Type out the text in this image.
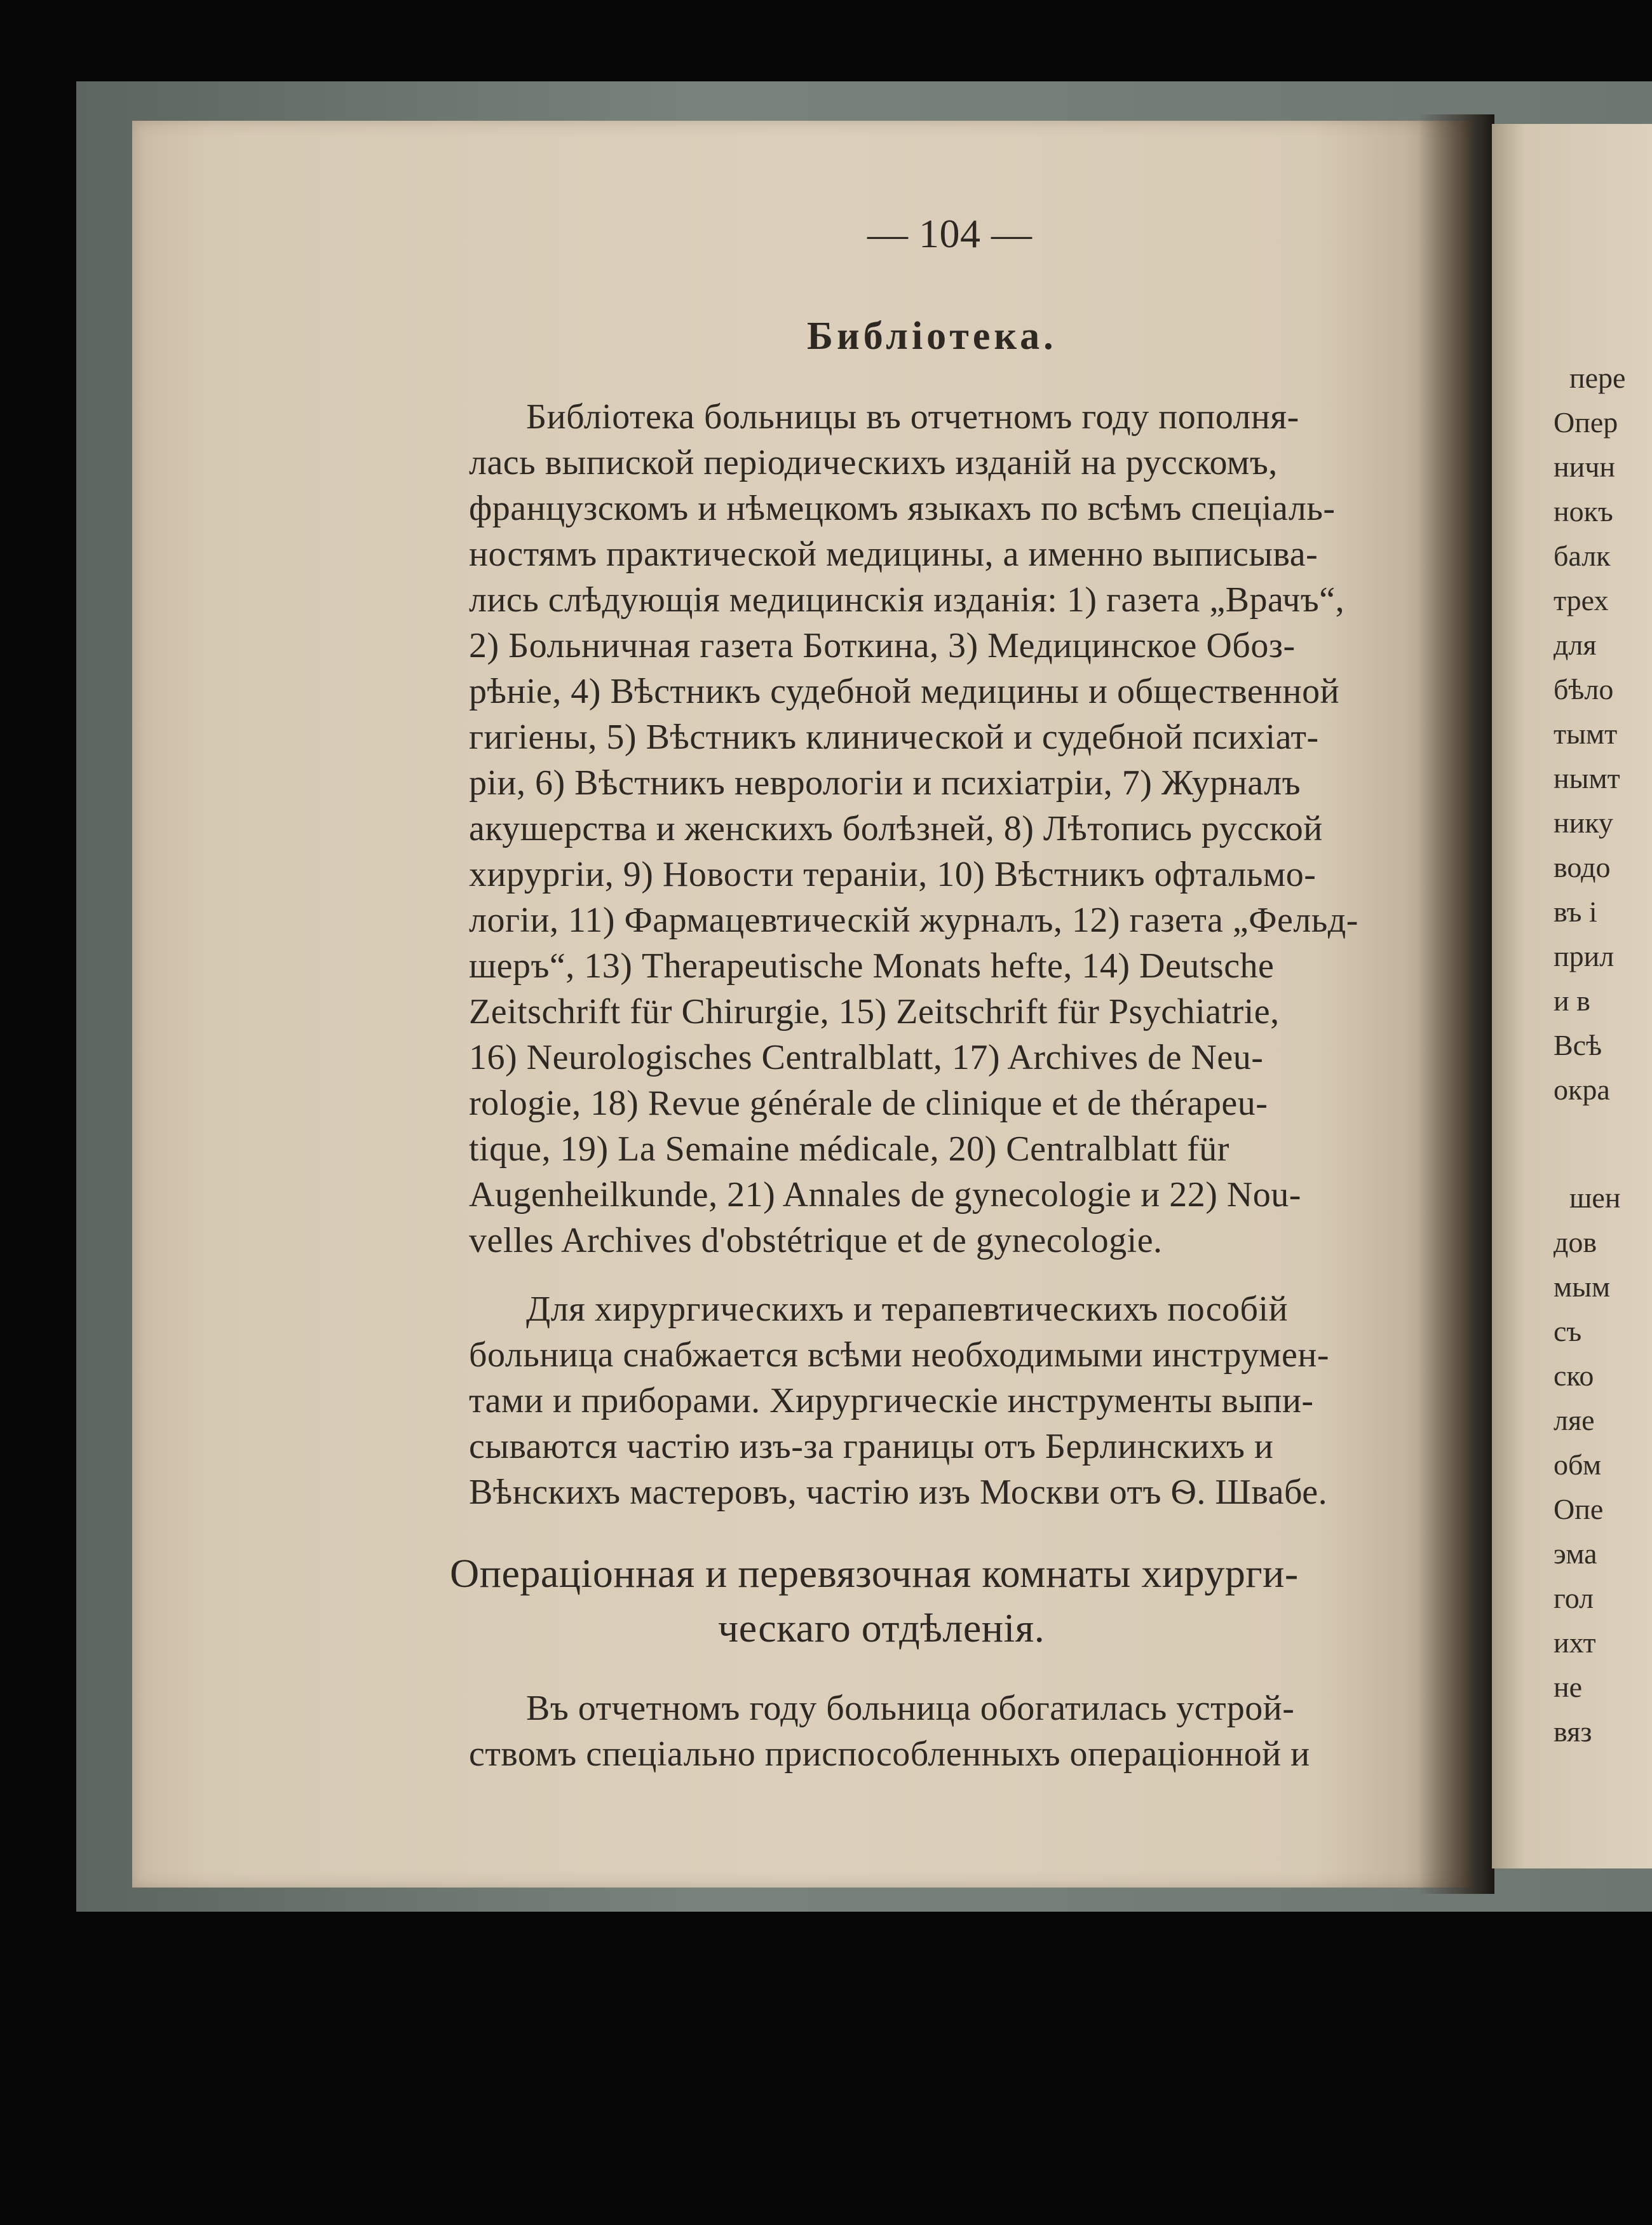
— 104 —
Библіотека.
Библіотека больницы въ отчетномъ году пополня-
лась выпиской періодическихъ изданій на русскомъ,
французскомъ и нѣмецкомъ языкахъ по всѣмъ спеціаль-
ностямъ практической медицины, а именно выписыва-
лись слѣдующія медицинскія изданія: 1) газета „Врачъ“,
2) Больничная газета Боткина, 3) Медицинское Обоз-
рѣніе, 4) Вѣстникъ судебной медицины и общественной
гигіены, 5) Вѣстникъ клинической и судебной психіат-
ріи, 6) Вѣстникъ неврологіи и психіатріи, 7) Журналъ
акушерства и женскихъ болѣзней, 8) Лѣтопись русской
хирургіи, 9) Новости тераніи, 10) Вѣстникъ офтальмо-
логіи, 11) Фармацевтическій журналъ, 12) газета „Фельд-
шеръ“, 13) Therapeutische Monats hefte, 14) Deutsche
Zeitschrift für Chirurgie, 15) Zeitschrift für Psychiatrie,
16) Neurologisches Centralblatt, 17) Archives de Neu-
rologie, 18) Revue générale de clinique et de thérapeu-
tique, 19) La Semaine médicale, 20) Centralblatt für
Augenheilkunde, 21) Annales de gynecologie и 22) Nou-
velles Archives d'obstétrique et de gynecologie.
Для хирургическихъ и терапевтическихъ пособій
больница снабжается всѣми необходимыми инструмен-
тами и приборами. Хирургическіе инструменты выпи-
сываются частію изъ-за границы отъ Берлинскихъ и
Вѣнскихъ мастеровъ, частію изъ Москви отъ Ѳ. Швабе.
Операціонная и перевязочная комнаты хирурги-
ческаго отдѣленія.
Въ отчетномъ году больница обогатилась устрой-
ствомъ спеціально приспособленныхъ операціонной и
пере
Опер
ничн
нокъ
балк
трех
для
бѣло
тымт
нымт
нику
водо
въ і
прил
и в
Всѣ
окра
шен
дов
мым
съ
ско
ляе
обм
Опе
эма
гол
ихт
не
вяз
